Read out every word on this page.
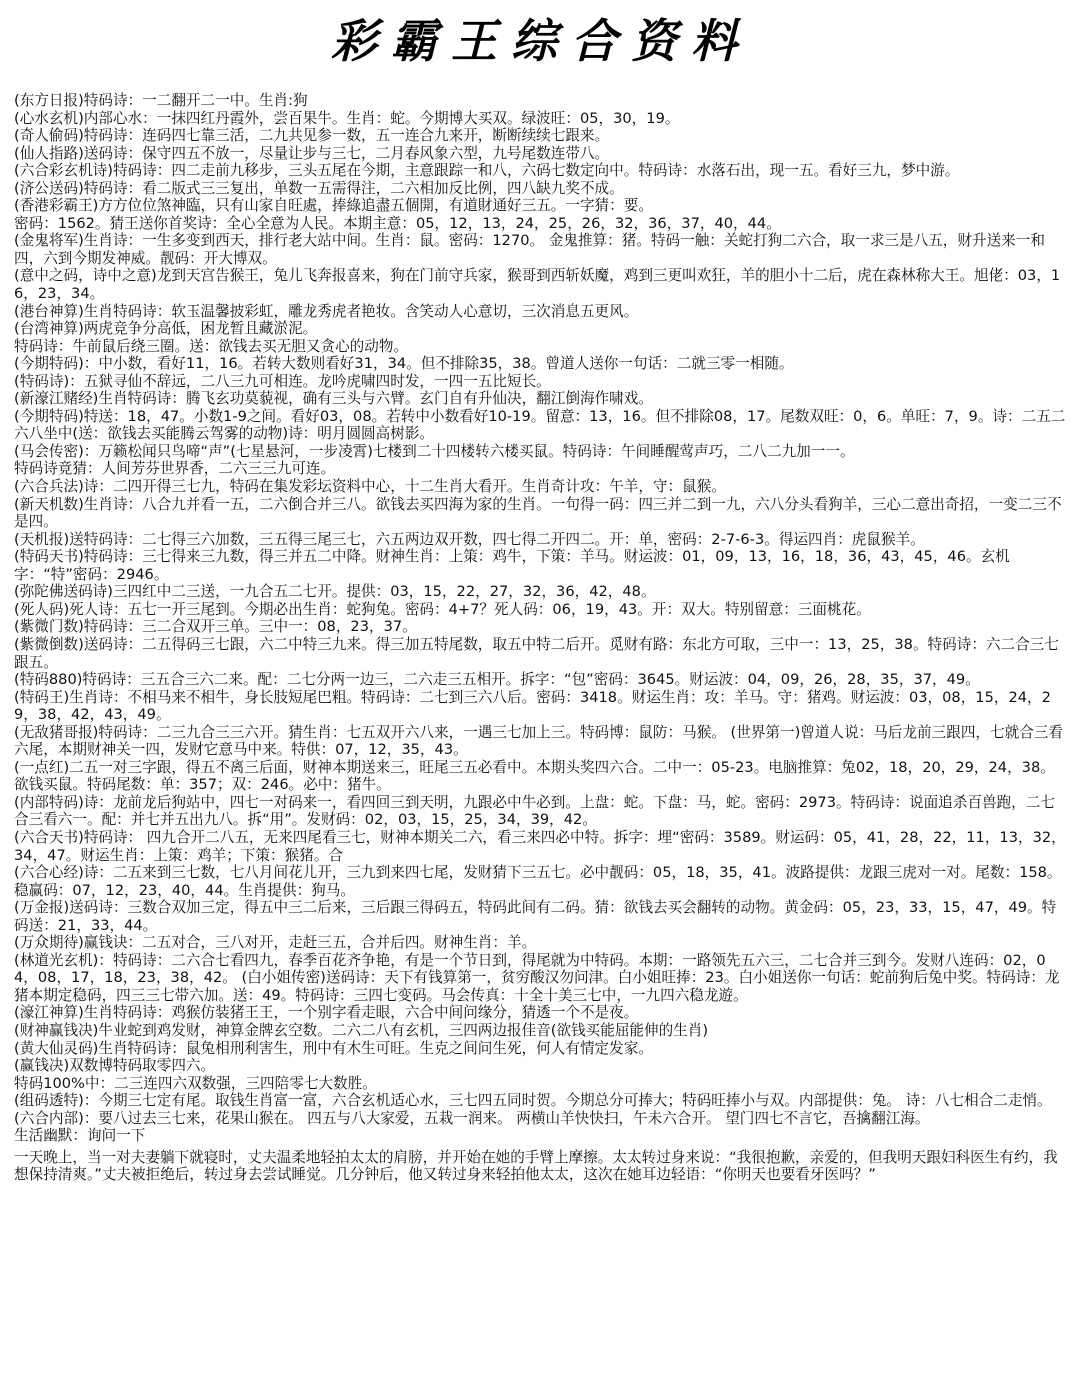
彩霸王综合资料

(东方日报)特码诗：一二翻开二一中。生肖:狗

(心水玄机)内部心水：一抹四红丹霞外，尝百果牛。生肖：蛇。今期博大买双。绿波旺：05，30，19。

(奇人偷码)特码诗：连码四七靠三活，二九共见参一数，五一连合九来开，断断续续七跟来。

(仙人指路)送码诗：保守四五不放一，尽量让步与三七，二月春风象六型，九号尾数连带八。

(六合彩玄机诗)特码诗：四二走前九移步，三头五尾在今期，主意跟踪一和八，六码七数定向中。特码诗：水落石出，现一五。看好三九，梦中游。

(济公送码)特码诗：看二版式三三复出，单数一五需得注，二六相加反比例，四八缺九奖不成。

(香港彩霸王)方方位位煞神臨，只有山家自旺處，捧綠追盡五個開，有道財通好三五。一字猜：要。

密码：1562。猜王送你首奖诗：全心全意为人民。本期主意：05，12，13，24，25，26，32，36，37，40，44。

(金鬼将军)生肖诗：一生多变到西天，排行老大站中间。生肖：鼠。密码：1270。 金鬼推算：猪。特码一触：关蛇打狗二六合，取一求三是八五，财升送来一和四，六到今期发神威。靓码：开大博双。

(意中之码，诗中之意)龙到天宫告猴王，兔儿飞奔报喜来，狗在门前守兵家，猴哥到西斩妖魔，鸡到三更叫欢狂，羊的胆小十二后，虎在森林称大王。旭佬：03，16，23，34。

(港台神算)生肖特码诗：软玉温馨披彩虹，雕龙秀虎者艳妆。含笑动人心意切，三次消息五更风。

(台湾神算)两虎竞争分高低，困龙暂且藏淤泥。

特码诗：牛前鼠后绕三圈。送：欲钱去买无胆又贪心的动物。

(今期特码)：中小数，看好11，16。若转大数则看好31，34。但不排除35，38。曾道人送你一句话：二就三零一相随。

(特码诗)：五狱寻仙不辞远，二八三九可相连。龙吟虎啸四时发，一四一五比短长。

(新濠江赌经)生肖特码诗：腾飞玄功莫藐视，确有三头与六臂。玄门自有升仙决，翻江倒海作啸戏。

(今期特码)特送：18，47。小数1-9之间。看好03，08。若转中小数看好10-19。留意：13，16。但不排除08，17。尾数双旺：0，6。单旺：7，9。诗：二五二六八坐中(送：欲钱去买能腾云驾雾的动物)诗：明月圆圆高树影。

(马会传密)：万籁松闻只鸟啼“声”(七星悬河，一步凌霄)七楼到二十四楼转六楼买鼠。特码诗：午间睡醒莺声巧，二八二九加一一。

特码诗竟猜：人间芳芬世界香，二六三三九可连。

(六合兵法)诗：二四开得三七九，特码在集发彩坛资料中心，十二生肖大看开。生肖奇计攻：午羊，守：鼠猴。

(新天机数)生肖诗：八合九并看一五，二六倒合并三八。欲钱去买四海为家的生肖。一句得一码：四三并二到一九，六八分头看狗羊，三心二意出奇招，一变二三不是四。

(天机报)送特码诗：二七得三六加数，三五得三尾三七，六五两边双开数，四七得二开四二。开：单，密码：2-7-6-3。得运四肖：虎鼠猴羊。

(特码天书)特码诗：三七得来三九数，得三并五二中降。财神生肖：上策：鸡牛，下策：羊马。财运波：01，09，13，16，18，36，43，45，46。玄机字：“特”密码：2946。

(弥陀佛送码诗)三四红中二三送，一九合五二七开。提供：03，15，22，27，32，36，42，48。

(死人码)死人诗：五七一开三尾到。今期必出生肖：蛇狗兔。密码：4+7？死人码：06，19，43。开：双大。特别留意：三面桃花。

(紫微门数)特码诗：三二合双开三单。三中一：08，23，37。

(紫微倒数)送码诗：二五得码三七跟，六二中特三九来。得三加五特尾数，取五中特二后开。觅财有路：东北方可取，三中一：13，25，38。特码诗：六二合三七跟五。

(特码880)特码诗：三五合三六二来。配：二七分两一边三，二六走三五相开。拆字：“包”密码：3645。财运波：04，09，26，28，35，37，49。

(特码王)生肖诗：不相马来不相牛，身长肢短尾巴粗。特码诗：二七到三六八后。密码：3418。财运生肖：攻：羊马。守：猪鸡。财运波：03，08，15，24，29，38，42，43，49。

(无敌猪哥报)特码诗：二三九合三三六开。猜生肖：七五双开六八来，一遇三七加上三。特码博：鼠防：马猴。 (世界第一)曾道人说：马后龙前三跟四，七就合三看六尾，本期财神关一四，发财它意马中来。特供：07，12，35，43。

(一点红)二五一对三字跟，得五不离三后面，财神本期送来三，旺尾三五必看中。本期头奖四六合。二中一：05-23。电脑推算：兔02，18，20，29，24，38。欲钱买鼠。特码尾数：单：357；双：246。必中：猪牛。

(内部特码)诗：龙前龙后狗站中，四七一对码来一，看四回三到天明，九跟必中牛必到。上盘：蛇。下盘：马，蛇。密码：2973。特码诗：说面追杀百兽跑，二七合三看六一。配：并七并五出九八。拆“用”。发财码：02，03，15，25，34，39，42。

(六合天书)特码诗： 四九合开二八五，无来四尾看三七，财神本期关二六，看三来四必中特。拆字：埋“密码：3589。财运码：05，41，28，22，11，13，32，34，47。财运生肖：上策：鸡羊；下策：猴猪。合

(六合心经)诗：二五来到三七数，七八月间花儿开，三九到来四七尾，发财猜下三五七。必中靓码：05，18，35，41。波路提供：龙跟三虎对一对。尾数：158。稳赢码：07，12，23，40，44。生肖提供：狗马。

(万金报)送码诗：三数合双加三定，得五中三二后来，三后跟三得码五，特码此间有二码。猜：欲钱去买会翻转的动物。黄金码：05，23，33，15，47，49。特码送：21，33，44。

(万众期待)赢钱诀：二五对合，三八对开，走赶三五，合并后四。财神生肖：羊。

(林道光玄机)：特码诗：二六合七看四九，春季百花齐争艳，有是一个节日到，得尾就为中特码。本期：一路领先五六三，二七合并三到今。发财八连码：02，04，08，17，18，23，38，42。 (白小姐传密)送码诗：天下有钱算第一，贫穷酸汉勿问津。白小姐旺捧：23。白小姐送你一句话：蛇前狗后兔中奖。特码诗：龙猪本期定稳码，四三三七带六加。送：49。特码诗：三四七变码。马会传真：十全十美三七中，一九四六稳龙遊。

(濠江神算)生肖特码诗：鸡猴仿装猪王王，一个别字看走眼，六合中间问缘分，猜透一个不是夜。

(财神赢钱决)牛业蛇到鸡发财，神算金牌玄空数。二六二八有玄机，三四两边报佳音(欲钱买能屈能伸的生肖)

(黄大仙灵码)生肖特码诗：鼠兔相刑利害生，刑中有木生可旺。生克之间问生死，何人有情定发家。

(赢钱决)双数博特码取零四六。

特码100%中：二三连四六双数强，三四陪零七大数胜。

(组码透特)：今期三七定有尾。取钱生肖富一富，六合玄机适心水，三七四五同时贺。今期总分可捧大；特码旺捧小与双。内部提供：兔。 诗：八七相合二走悄。

(六合内部)：要八过去三七来，花果山猴在。 四五与八大家爱，五栽一润来。 两横山羊快快扫，午未六合开。 望门四七不言它，吾擒翻江海。

生活幽默：询问一下

一天晚上，当一对夫妻躺下就寝时，丈夫温柔地轻拍太太的肩膀，并开始在她的手臂上摩擦。太太转过身来说：“我很抱歉，亲爱的，但我明天跟妇科医生有约，我想保持清爽。”丈夫被拒绝后，转过身去尝试睡觉。几分钟后，他又转过身来轻拍他太太，这次在她耳边轻语：“你明天也要看牙医吗？”
